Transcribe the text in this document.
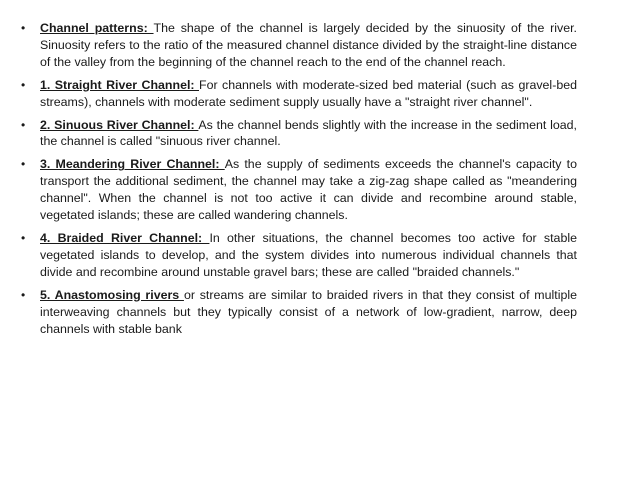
• Channel patterns: The shape of the channel is largely decided by the sinuosity of the river. Sinuosity refers to the ratio of the measured channel distance divided by the straight-line distance of the valley from the beginning of the channel reach to the end of the channel reach.
• 1. Straight River Channel: For channels with moderate-sized bed material (such as gravel-bed streams), channels with moderate sediment supply usually have a "straight river channel".
• 2. Sinuous River Channel: As the channel bends slightly with the increase in the sediment load, the channel is called "sinuous river channel.
• 3. Meandering River Channel: As the supply of sediments exceeds the channel's capacity to transport the additional sediment, the channel may take a zig-zag shape called as "meandering channel". When the channel is not too active it can divide and recombine around stable, vegetated islands; these are called wandering channels.
• 4. Braided River Channel: In other situations, the channel becomes too active for stable vegetated islands to develop, and the system divides into numerous individual channels that divide and recombine around unstable gravel bars; these are called "braided channels."
• 5. Anastomosing rivers or streams are similar to braided rivers in that they consist of multiple interweaving channels but they typically consist of a network of low-gradient, narrow, deep channels with stable bank
